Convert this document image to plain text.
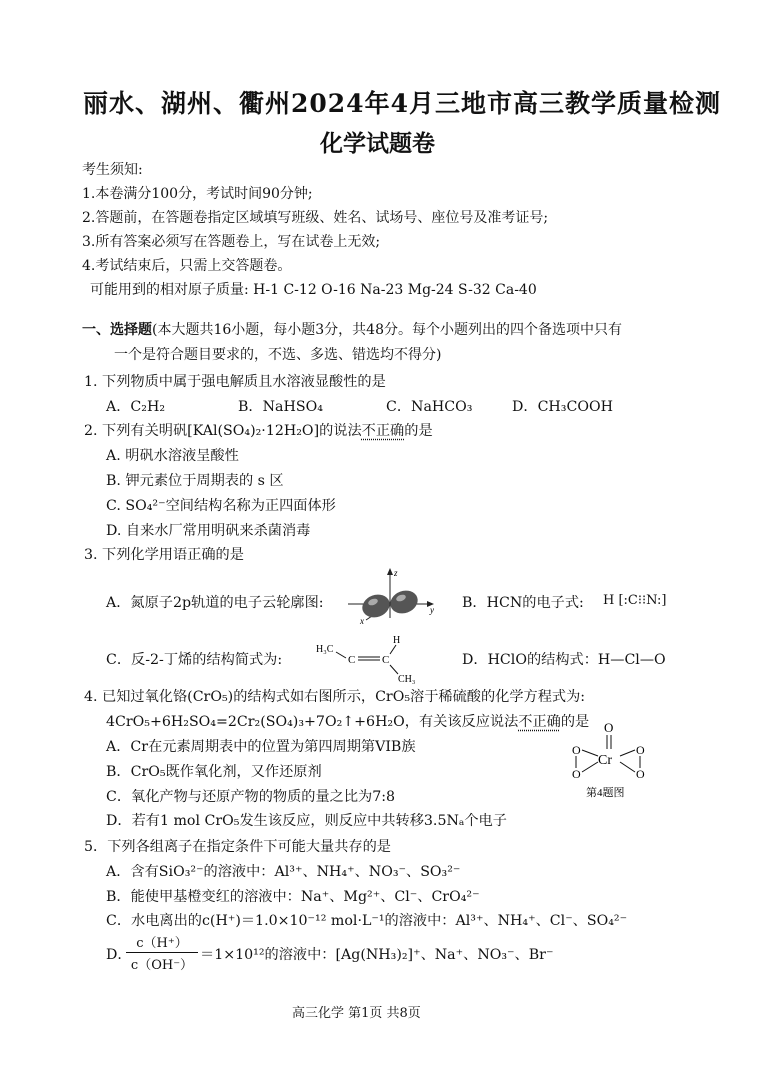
丽水、湖州、衢州2024年4月三地市高三教学质量检测
化学试题卷
考生须知:
1.本卷满分100分，考试时间90分钟;
2.答题前，在答题卷指定区域填写班级、姓名、试场号、座位号及准考证号;
3.所有答案必须写在答题卷上，写在试卷上无效;
4.考试结束后，只需上交答题卷。
可能用到的相对原子质量: H-1 C-12 O-16 Na-23 Mg-24 S-32 Ca-40
一、选择题(本大题共16小题，每小题3分，共48分。每个小题列出的四个备选项中只有
一个是符合题目要求的，不选、多选、错选均不得分)
1. 下列物质中属于强电解质且水溶液显酸性的是
A．C₂H₂	B．NaHSO₄	C．NaHCO₃	D．CH₃COOH
2. 下列有关明矾[KAl(SO₄)₂·12H₂O]的说法不正确的是
A. 明矾水溶液呈酸性
B. 钾元素位于周期表的 s 区
C. SO₄²⁻空间结构名称为正四面体形
D. 自来水厂常用明矾来杀菌消毒
3. 下列化学用语正确的是
A．氮原子2p轨道的电子云轮廓图:
z
x
y B．HCN的电子式: H [:C⁝⁝N:]
C．反-2-丁烯的结构简式为:
H₃C
C C
H
CH₃
D．HClO的结构式：H—Cl—O
4. 已知过氧化铬(CrO₅)的结构式如右图所示，CrO₅溶于稀硫酸的化学方程式为:
4CrO₅+6H₂SO₄=2Cr₂(SO₄)₃+7O₂↑+6H₂O，有关该反应说法不正确的是
A．Cr在元素周期表中的位置为第四周期第VIB族
B．CrO₅既作氧化剂，又作还原剂
C．氧化产物与还原产物的物质的量之比为7:8
D．若有1 mol CrO₅发生该反应，则反应中共转移3.5Nₐ个电子
O
Cr
O
O
O
O
第4题图
5．下列各组离子在指定条件下可能大量共存的是
A．含有SiO₃²⁻的溶液中：Al³⁺、NH₄⁺、NO₃⁻、SO₃²⁻
B．能使甲基橙变红的溶液中：Na⁺、Mg²⁺、Cl⁻、CrO₄²⁻
C．水电离出的c(H⁺)＝1.0×10⁻¹² mol·L⁻¹的溶液中：Al³⁺、NH₄⁺、Cl⁻、SO₄²⁻
D．
$\frac{c(H^+)}{c(OH^-)} =1\times 10^{12}$的溶液中：[Ag(NH₃)₂]⁺、Na⁺、NO₃⁻、Br⁻
高三化学 第1页 共8页
